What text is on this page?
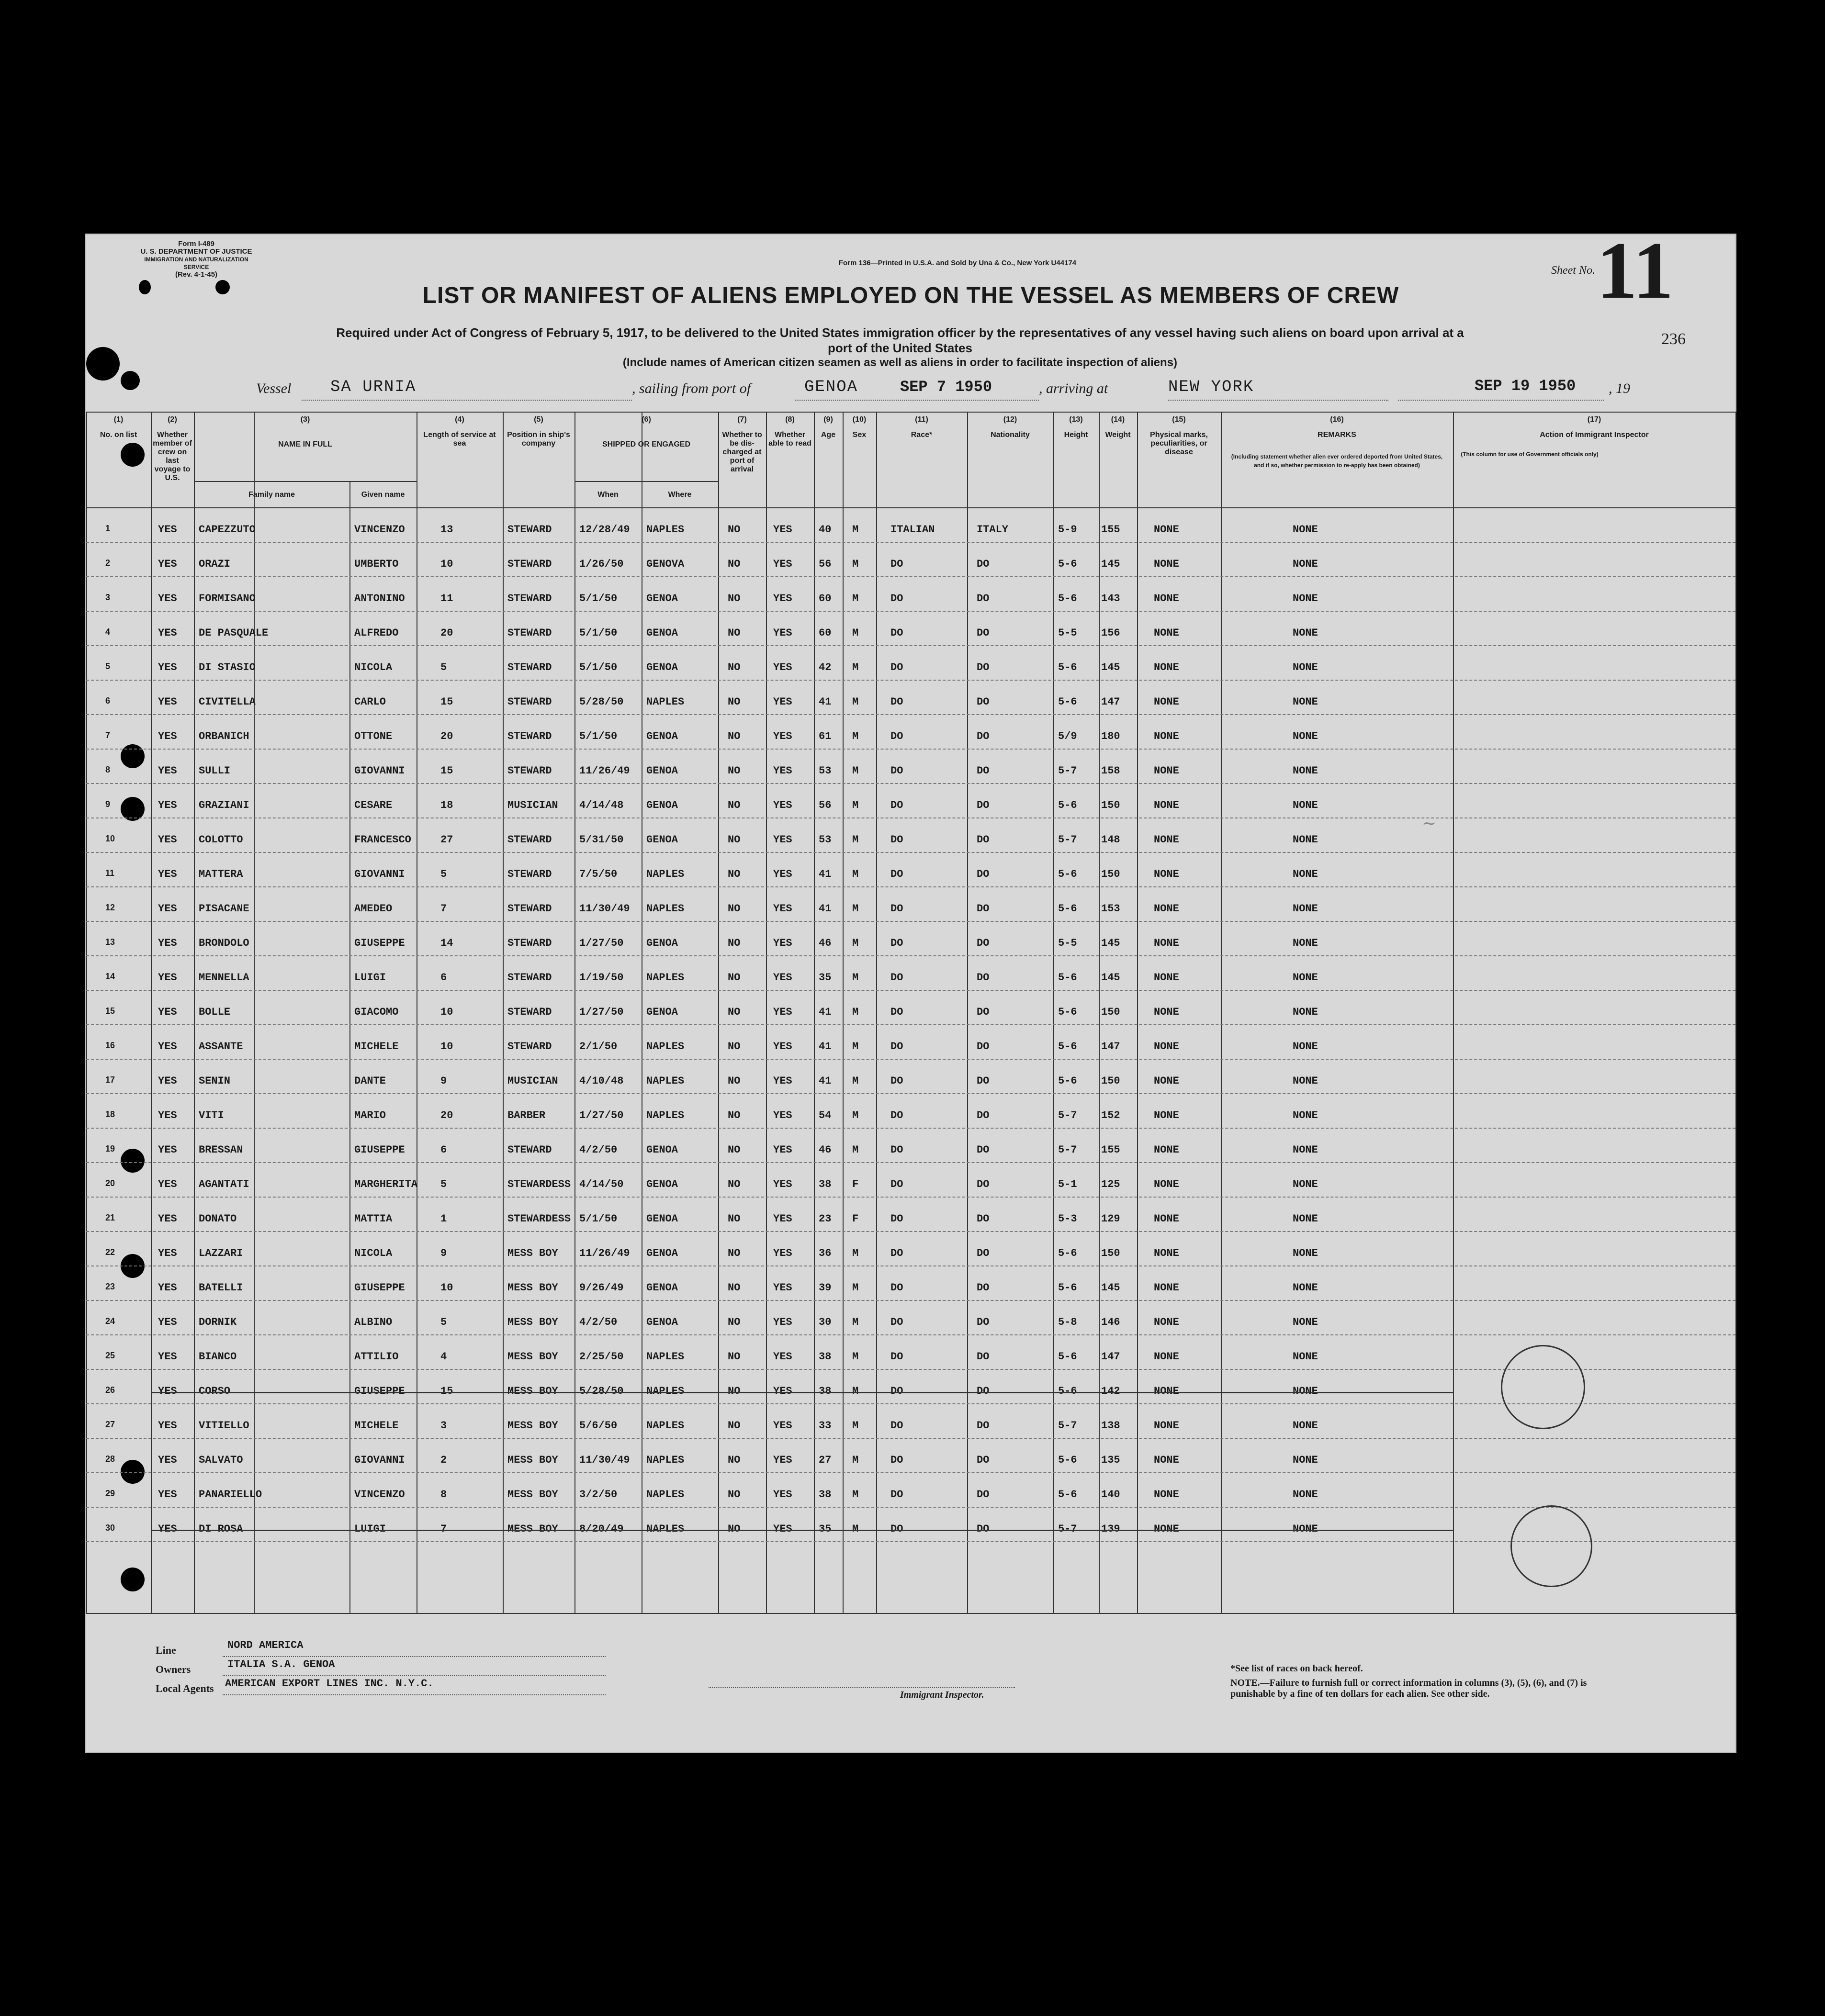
Form I-489
U. S. DEPARTMENT OF JUSTICE
IMMIGRATION AND NATURALIZATION SERVICE
(Rev. 4-1-45)
Form 136—Printed in U.S.A. and Sold by Una & Co., New York U44174
Sheet No. 11
236
LIST OR MANIFEST OF ALIENS EMPLOYED ON THE VESSEL AS MEMBERS OF CREW
Required under Act of Congress of February 5, 1917, to be delivered to the United States immigration officer by the representatives of any vessel having such aliens on board upon arrival at a
port of the United States
(Include names of American citizen seamen as well as aliens in order to facilitate inspection of aliens)
Vessel SA URNIA	, sailing from port of	GENOA	SEP 7 1950	, arriving at	NEW YORK	SEP 19 1950 , 19
(1)
No. on list
(2)
Whether member of crew on last voyage to U.S.
(3)
NAME IN FULL
(4)
Length of service at sea
(5)
Position in ship's company
(6)
SHIPPED OR ENGAGED
(7)
Whether to be dis-charged at port of arrival
(8)
Whether able to read
(9)
Age
(10)
Sex
(11)
Race*
(12)
Nationality
(13)
Height
(14)
Weight
(15)
Physical marks, peculiarities, or disease
(16)
REMARKS
(17)
Action of Immigrant Inspector
Family name	Given name	When	Where
(Including statement whether alien ever ordered deported from United States, and if so, whether permission to re-apply has been obtained)
(This column for use of Government officials only)
1	YES CAPEZZUTO	VINCENZO	13	STEWARD	12/28/49 NAPLES	NO	YES	40 M	ITALIAN	ITALY	5-9 155	NONE	NONE
2	YES ORAZI	UMBERTO	10	STEWARD	1/26/50 GENOVA	NO	YES	56 M	DO	DO	5-6 145	NONE	NONE
3	YES FORMISANO	ANTONINO	11	STEWARD	5/1/50	GENOA	NO	YES	60 M	DO	DO	5-6 143	NONE	NONE
4	YES DE PASQUALE	ALFREDO	20	STEWARD	5/1/50	GENOA	NO	YES	60 M	DO	DO	5-5 156	NONE	NONE
5	YES DI STASIO	NICOLA	5	STEWARD	5/1/50	GENOA	NO	YES	42 M	DO	DO	5-6 145	NONE	NONE
6	YES CIVITELLA	CARLO	15	STEWARD	5/28/50 NAPLES	NO	YES	41 M	DO	DO	5-6 147	NONE	NONE
7	YES ORBANICH	OTTONE	20	STEWARD	5/1/50	GENOA	NO	YES	61 M	DO	DO	5/9 180	NONE	NONE
8	YES SULLI	GIOVANNI	15	STEWARD	11/26/49 GENOA	NO	YES	53 M	DO	DO	5-7 158	NONE	NONE
9	YES GRAZIANI	CESARE	18	MUSICIAN 4/14/48 GENOA	NO	YES	56 M	DO	DO	5-6 150	NONE	NONE
10	YES COLOTTO	FRANCESCO	27	STEWARD	5/31/50 GENOA	NO	YES	53 M	DO	DO	5-7 148	NONE	NONE
11	YES MATTERA	GIOVANNI	5	STEWARD	7/5/50	NAPLES	NO	YES	41 M	DO	DO	5-6 150	NONE	NONE
12	YES PISACANE	AMEDEO	7	STEWARD	11/30/49 NAPLES	NO	YES	41 M	DO	DO	5-6 153	NONE	NONE
13	YES BRONDOLO	GIUSEPPE	14	STEWARD	1/27/50 GENOA	NO	YES	46 M	DO	DO	5-5 145	NONE	NONE
14	YES MENNELLA	LUIGI	6	STEWARD	1/19/50 NAPLES	NO	YES	35 M	DO	DO	5-6 145	NONE	NONE
15	YES BOLLE	GIACOMO	10	STEWARD	1/27/50 GENOA	NO	YES	41 M	DO	DO	5-6 150	NONE	NONE
16	YES ASSANTE	MICHELE	10	STEWARD	2/1/50	NAPLES	NO	YES	41 M	DO	DO	5-6 147	NONE	NONE
17	YES SENIN	DANTE	9	MUSICIAN 4/10/48 NAPLES	NO	YES	41 M	DO	DO	5-6 150	NONE	NONE
18	YES VITI	MARIO	20	BARBER	1/27/50 NAPLES	NO	YES	54 M	DO	DO	5-7 152	NONE	NONE
19	YES BRESSAN	GIUSEPPE	6	STEWARD	4/2/50	GENOA	NO	YES	46 M	DO	DO	5-7 155	NONE	NONE
20	YES AGANTATI	MARGHERITA 5	STEWARDESS 4/14/50 GENOA	NO	YES	38 F	DO	DO	5-1 125	NONE	NONE
21	YES DONATO	MATTIA	1	STEWARDESS 5/1/50	GENOA	NO	YES	23 F	DO	DO	5-3 129	NONE	NONE
22	YES LAZZARI	NICOLA	9	MESS BOY 11/26/49 GENOA	NO	YES	36 M	DO	DO	5-6 150	NONE	NONE
23	YES BATELLI	GIUSEPPE	10	MESS BOY 9/26/49 GENOA	NO	YES	39 M	DO	DO	5-6 145	NONE	NONE
24	YES DORNIK	ALBINO	5	MESS BOY 4/2/50	GENOA	NO	YES	30 M	DO	DO	5-8 146	NONE	NONE
25	YES BIANCO	ATTILIO	4	MESS BOY 2/25/50 NAPLES	NO	YES	38 M	DO	DO	5-6 147	NONE	NONE
26	YES CORSO	GIUSEPPE	15	MESS BOY 5/28/50 NAPLES	NO	YES	38 M	DO	DO	5-6 142	NONE	NONE
27	YES VITIELLO	MICHELE	3	MESS BOY 5/6/50	NAPLES	NO	YES	33 M	DO	DO	5-7 138	NONE	NONE
28	YES SALVATO	GIOVANNI	2	MESS BOY 11/30/49 NAPLES	NO	YES	27 M	DO	DO	5-6 135	NONE	NONE
29	YES PANARIELLO	VINCENZO	8	MESS BOY 3/2/50	NAPLES	NO	YES	38 M	DO	DO	5-6 140	NONE	NONE
30	YES DI ROSA	LUIGI	7	MESS BOY 8/20/49 NAPLES	NO	YES	35 M	DO	DO	5-7 139	NONE	NONE
~
Line	NORD AMERICA
Owners	ITALIA S.A. GENOA
Local Agents AMERICAN EXPORT LINES INC. N.Y.C.
Immigrant Inspector.
*See list of races on back hereof.
NOTE.—Failure to furnish full or correct information in columns (3), (5), (6), and (7) is punishable by a fine of ten dollars for each alien. See other side.
